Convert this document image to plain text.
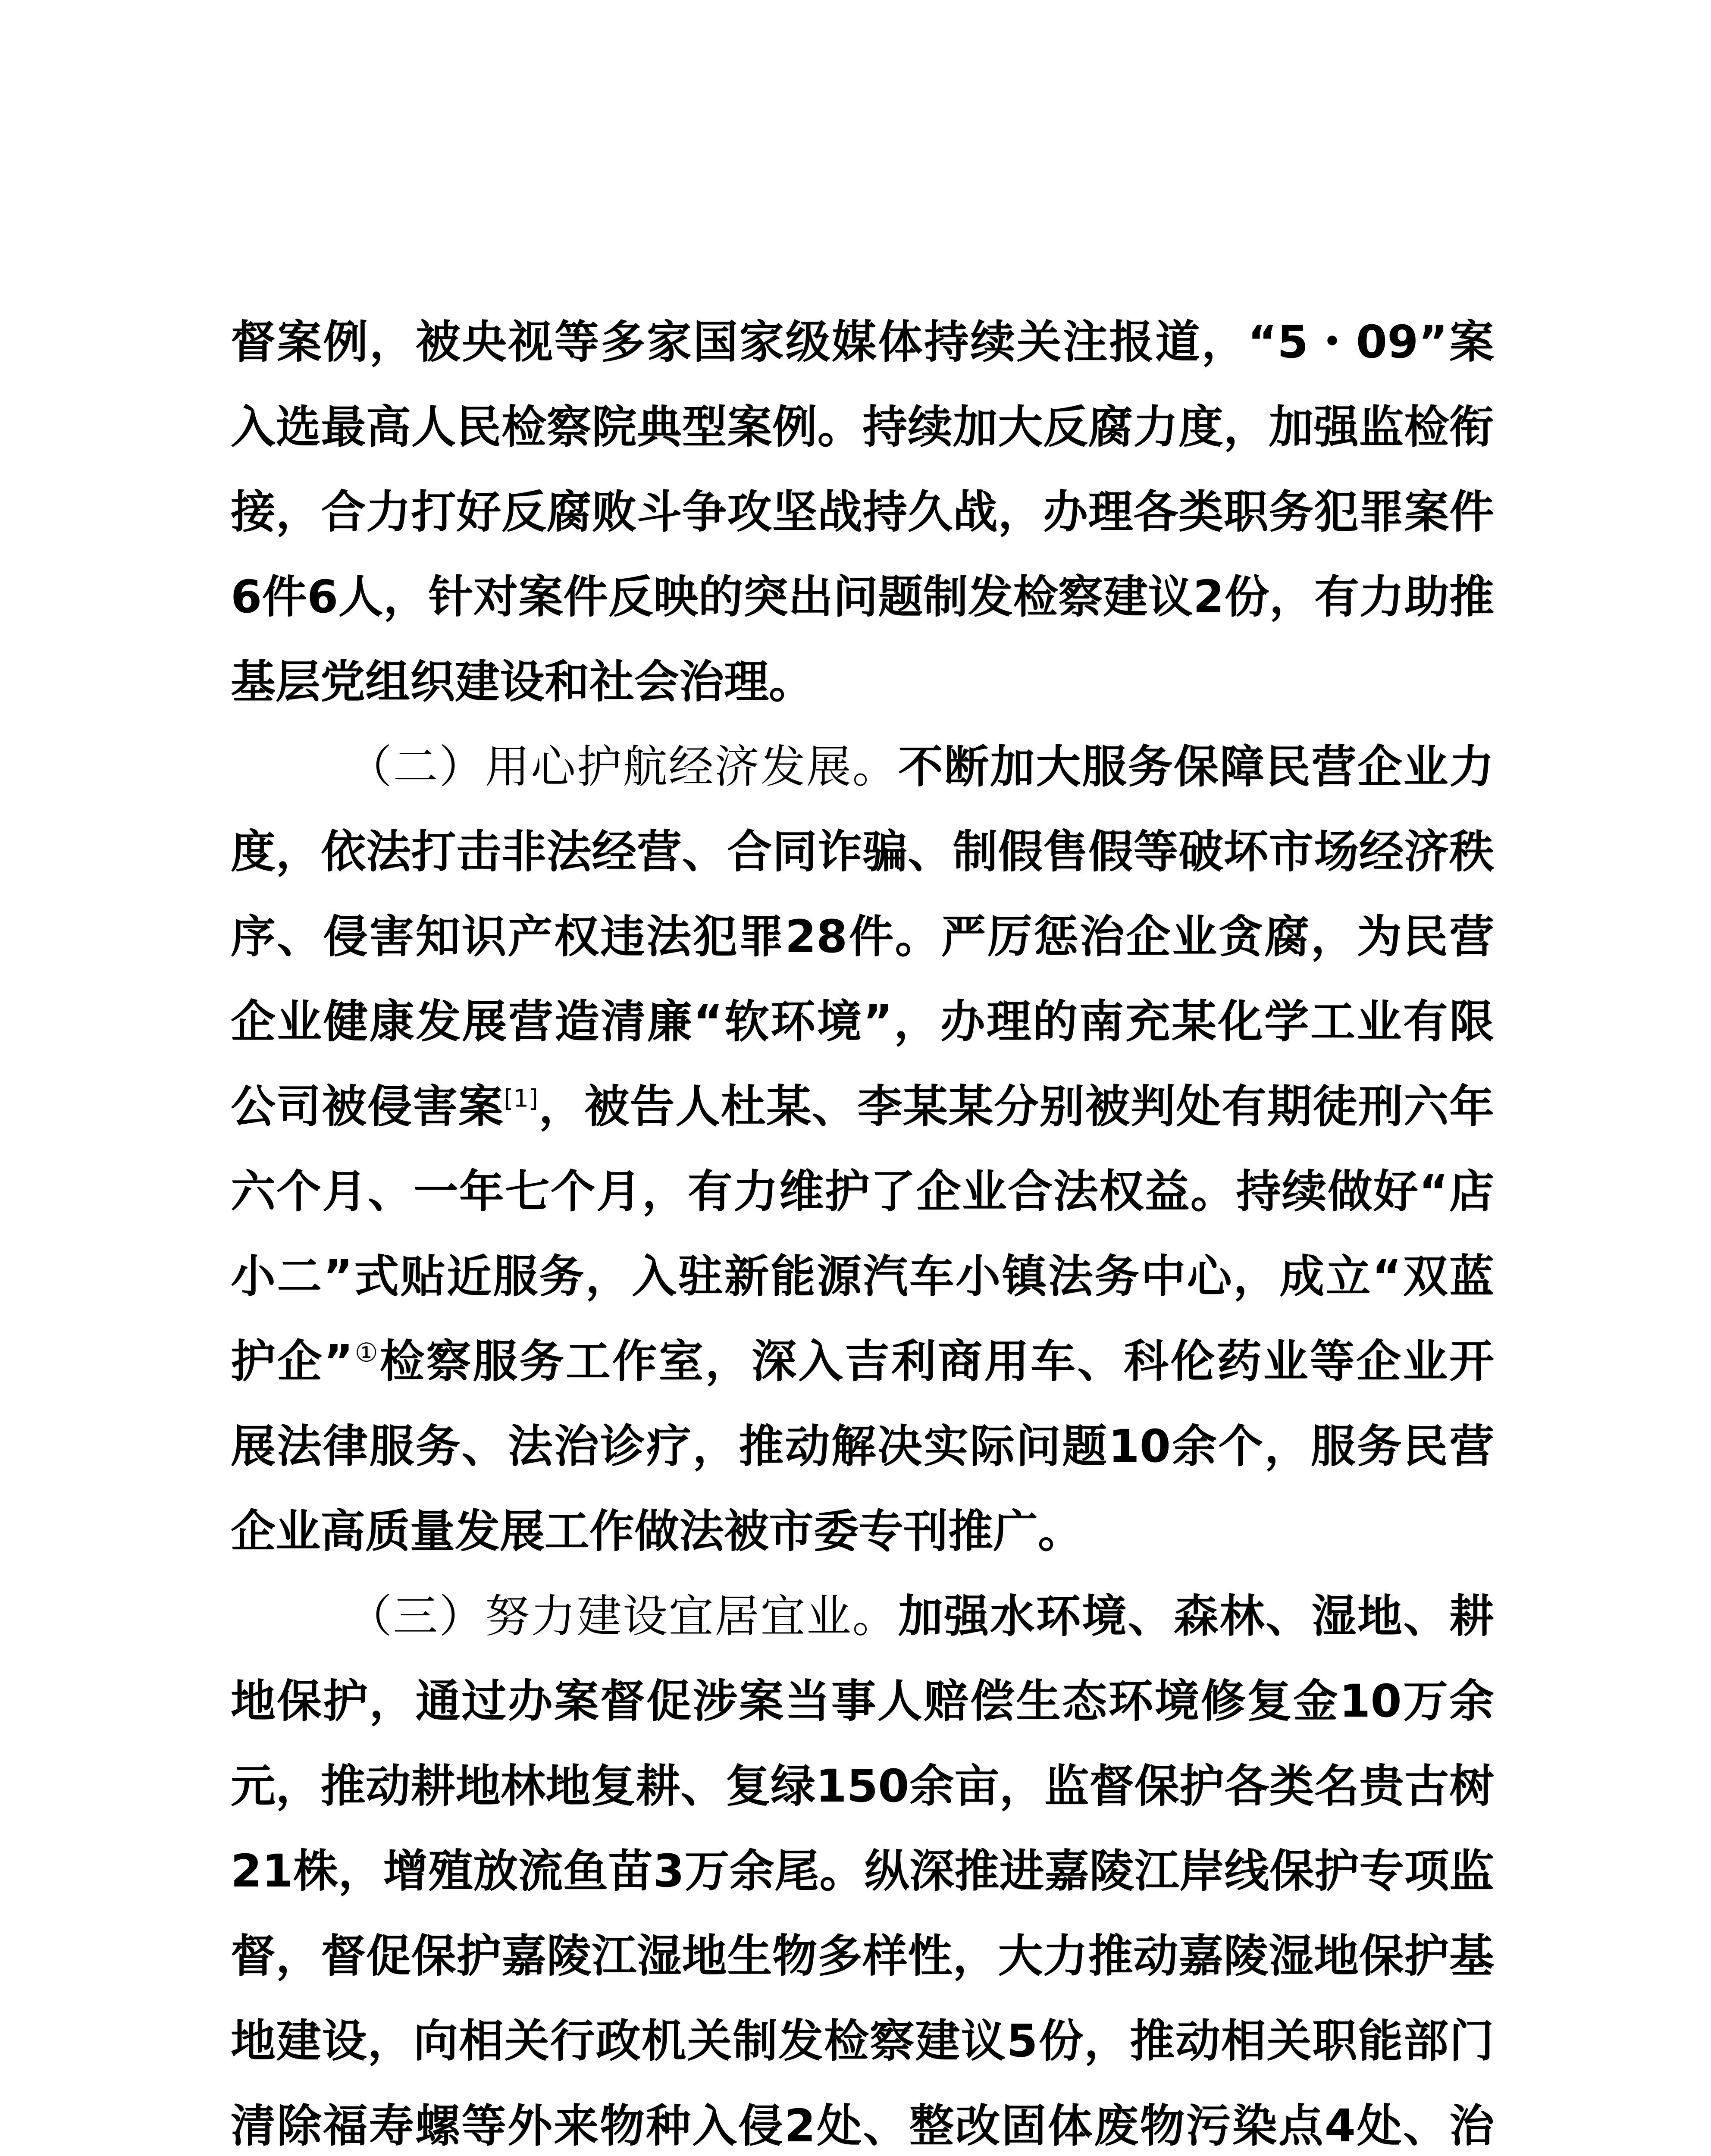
督案例，被央视等多家国家级媒体持续关注报道，“5・09”案入选最高人民检察院典型案例。持续加大反腐力度，加强监检衔接，合力打好反腐败斗争攻坚战持久战，办理各类职务犯罪案件6件6人，针对案件反映的突出问题制发检察建议2份，有力助推基层党组织建设和社会治理。

（二）用心护航经济发展。不断加大服务保障民营企业力度，依法打击非法经营、合同诈骗、制假售假等破坏市场经济秩序、侵害知识产权违法犯罪28件。严厉惩治企业贪腐，为民营企业健康发展营造清廉“软环境”，办理的南充某化学工业有限公司被侵害案[1]，被告人杜某、李某某分别被判处有期徒刑六年六个月、一年七个月，有力维护了企业合法权益。持续做好“店小二”式贴近服务，入驻新能源汽车小镇法务中心，成立“双蓝护企”①检察服务工作室，深入吉利商用车、科伦药业等企业开展法律服务、法治诊疗，推动解决实际问题10余个，服务民营企业高质量发展工作做法被市委专刊推广。

（三）努力建设宜居宜业。加强水环境、森林、湿地、耕地保护，通过办案督促涉案当事人赔偿生态环境修复金10万余元，推动耕地林地复耕、复绿150余亩，监督保护各类名贵古树21株，增殖放流鱼苗3万余尾。纵深推进嘉陵江岸线保护专项监督，督促保护嘉陵江湿地生物多样性，大力推动嘉陵湿地保护基地建设，向相关行政机关制发检察建议5份，推动相关职能部门清除福寿螺等外来物种入侵2处、整改固体废物污染点4处、治
